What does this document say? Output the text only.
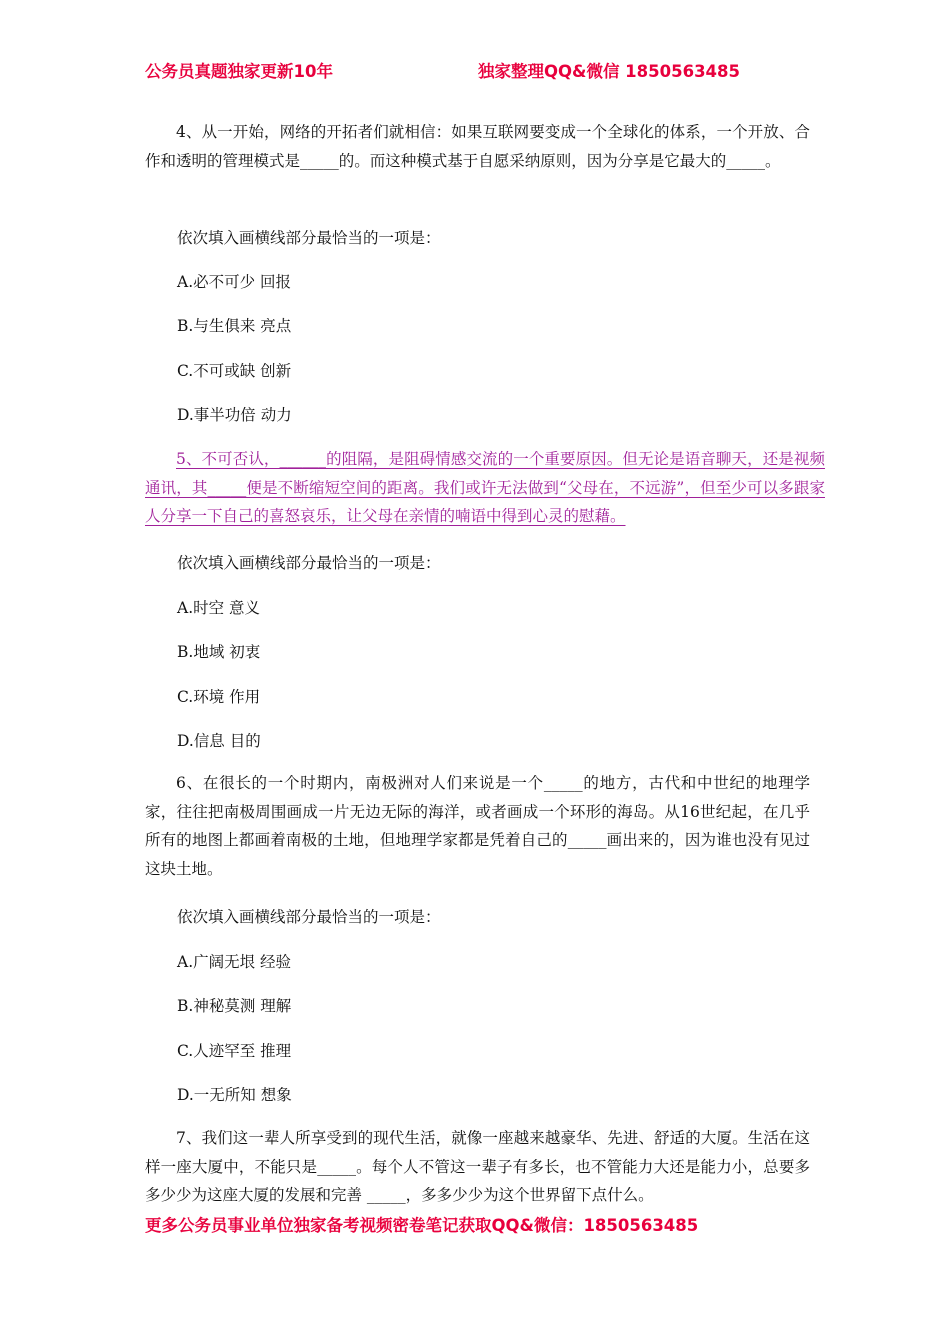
公务员真题独家更新10年	独家整理QQ&微信 1850563485

4、从一开始，网络的开拓者们就相信：如果互联网要变成一个全球化的体系，一个开放、合作和透明的管理模式是_____的。而这种模式基于自愿采纳原则，因为分享是它最大的_____。

依次填入画横线部分最恰当的一项是：
A.必不可少 回报
B.与生俱来 亮点
C.不可或缺 创新
D.事半功倍 动力

5、不可否认，______的阻隔，是阻碍情感交流的一个重要原因。但无论是语音聊天，还是视频通讯，其_____便是不断缩短空间的距离。我们或许无法做到“父母在，不远游”，但至少可以多跟家人分享一下自己的喜怒哀乐，让父母在亲情的喃语中得到心灵的慰藉。

依次填入画横线部分最恰当的一项是：
A.时空 意义
B.地域 初衷
C.环境 作用
D.信息 目的

6、在很长的一个时期内，南极洲对人们来说是一个_____的地方，古代和中世纪的地理学家，往往把南极周围画成一片无边无际的海洋，或者画成一个环形的海岛。从16世纪起，在几乎所有的地图上都画着南极的土地，但地理学家都是凭着自己的_____画出来的，因为谁也没有见过这块土地。

依次填入画横线部分最恰当的一项是：
A.广阔无垠 经验
B.神秘莫测 理解
C.人迹罕至 推理
D.一无所知 想象

7、我们这一辈人所享受到的现代生活，就像一座越来越豪华、先进、舒适的大厦。生活在这样一座大厦中，不能只是_____。每个人不管这一辈子有多长，也不管能力大还是能力小，总要多多少少为这座大厦的发展和完善 _____，多多少少为这个世界留下点什么。

更多公务员事业单位独家备考视频密卷笔记获取QQ&微信：1850563485
